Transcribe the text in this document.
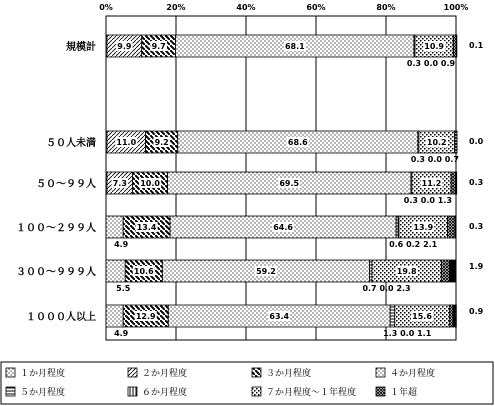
0%	20%	40%	60%	80%	100%
規模計
５０人未満
５０～９９人
１００～２９９人
３００～９９９人
１０００人以上
9.9	9.7	68.1	10.9
0.3 0.0 0.9
0.1
11.0 9.2	68.6	10.2
0.3 0.0 0.7
0.0
7.3 10.0	69.5	11.2
0.3 0.0 1.3
0.3
13.4	64.6	13.9
4.9	0.6 0.2 2.1
0.3
10.6	59.2	19.8
5.5	0.7 0.0 2.3
1.9
12.9	63.4	15.6
4.9	1.3 0.0 1.1
0.9
１か月程度	２か月程度	３か月程度	４か月程度
５か月程度	６か月程度	７か月程度～１年程度	１年超
